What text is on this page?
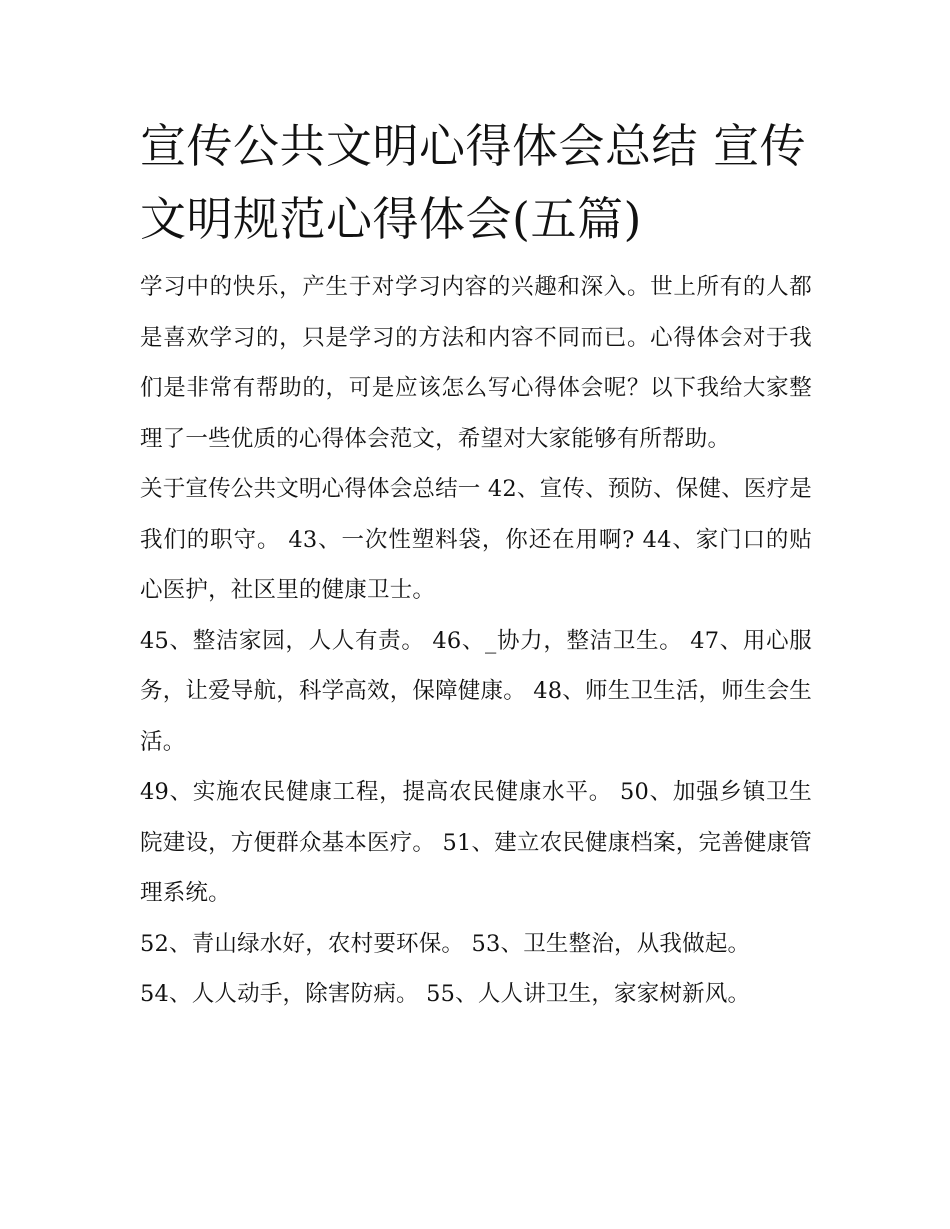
宣传公共文明心得体会总结 宣传文明规范心得体会(五篇)

学习中的快乐，产生于对学习内容的兴趣和深入。世上所有的人都是喜欢学习的，只是学习的方法和内容不同而已。心得体会对于我们是非常有帮助的，可是应该怎么写心得体会呢？以下我给大家整理了一些优质的心得体会范文，希望对大家能够有所帮助。

关于宣传公共文明心得体会总结一 42、宣传、预防、保健、医疗是我们的职守。 43、一次性塑料袋，你还在用啊? 44、家门口的贴心医护，社区里的健康卫士。

45、整洁家园，人人有责。 46、_协力，整洁卫生。 47、用心服务，让爱导航，科学高效，保障健康。 48、师生卫生活，师生会生活。

49、实施农民健康工程，提高农民健康水平。 50、加强乡镇卫生院建设，方便群众基本医疗。 51、建立农民健康档案，完善健康管理系统。

52、青山绿水好，农村要环保。 53、卫生整治，从我做起。

54、人人动手，除害防病。 55、人人讲卫生，家家树新风。
